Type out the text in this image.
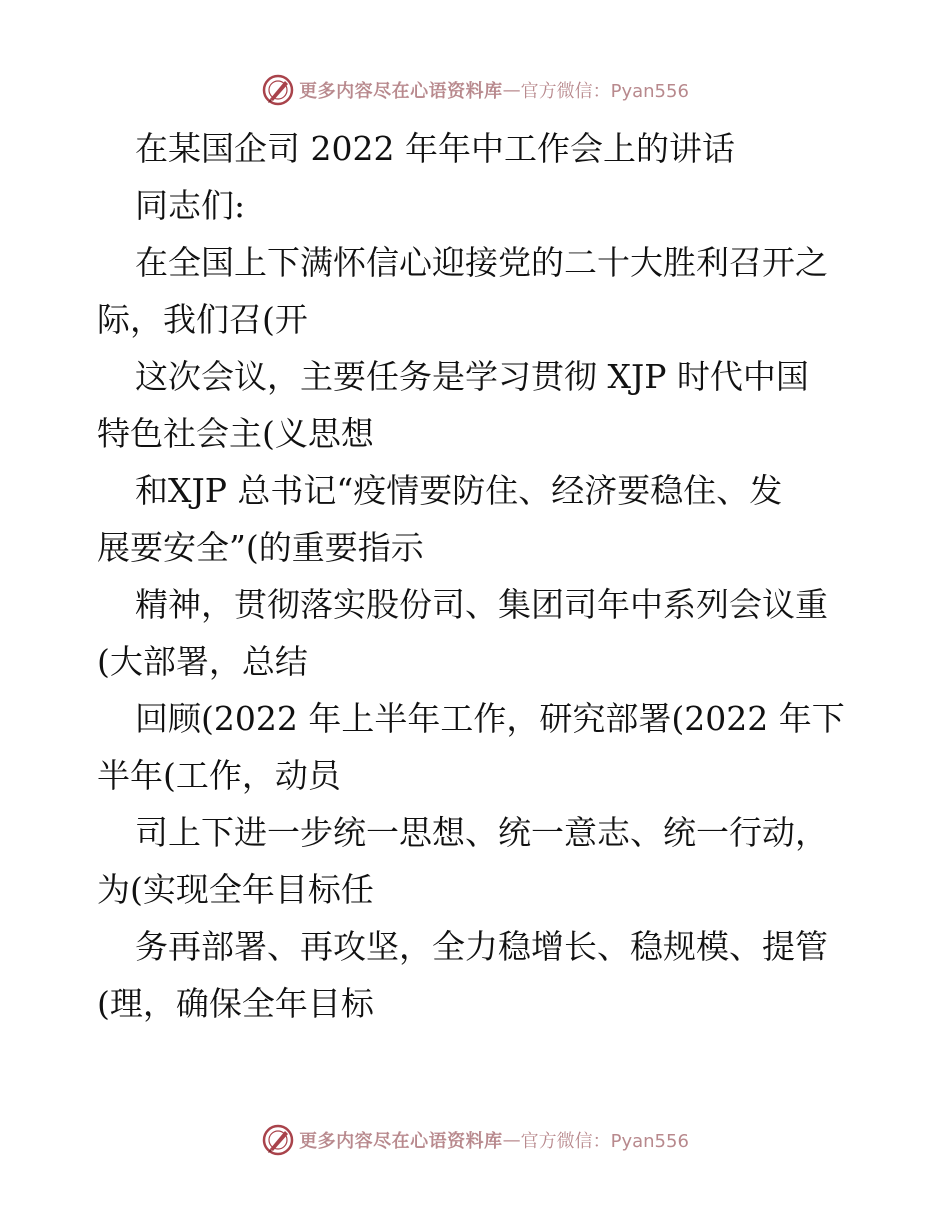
更多内容尽在心语资料库 — 官方微信：Pyan556

在某国企司 2022 年年中工作会上的讲话

同志们:

在全国上下满怀信心迎接党的二十大胜利召开之

际，我们召(开

这次会议，主要任务是学习贯彻 XJP 时代中国

特色社会主(义思想

和XJP 总书记“疫情要防住、经济要稳住、发

展要安全”(的重要指示

精神，贯彻落实股份司、集团司年中系列会议重

(大部署，总结

回顾(2022 年上半年工作，研究部署(2022 年下

半年(工作，动员

司上下进一步统一思想、统一意志、统一行动，

为(实现全年目标任

务再部署、再攻坚，全力稳增长、稳规模、提管

(理，确保全年目标

更多内容尽在心语资料库 — 官方微信：Pyan556
